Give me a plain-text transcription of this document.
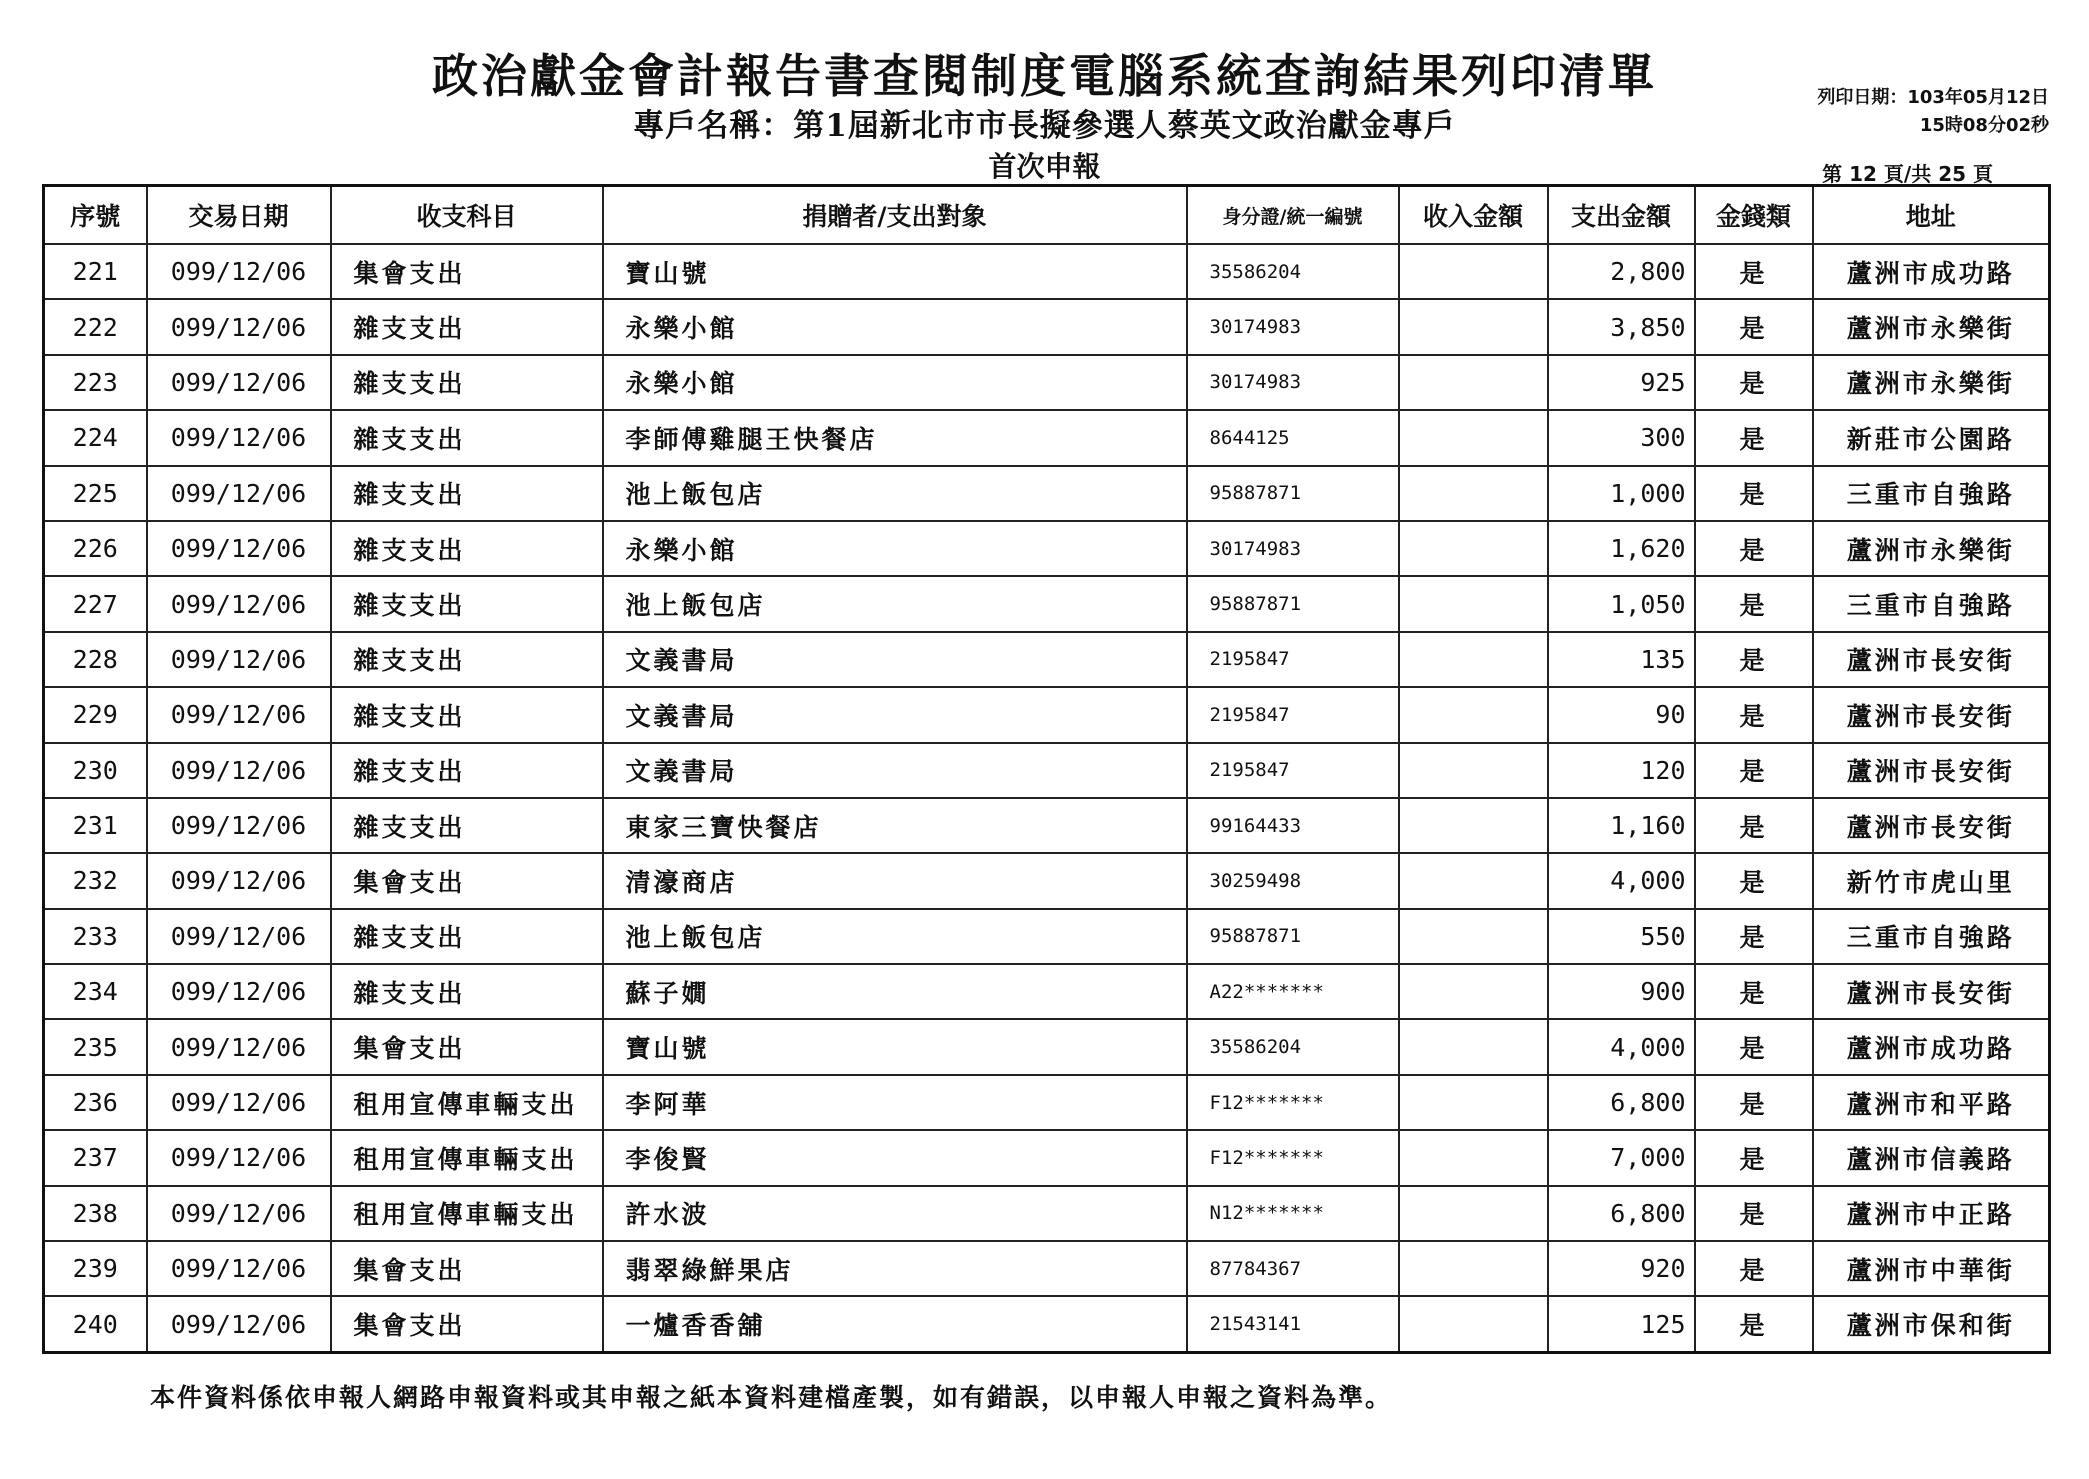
政治獻金會計報告書查閱制度電腦系統查詢結果列印清單
專戶名稱：第1屆新北市市長擬參選人蔡英文政治獻金專戶
首次申報
列印日期：103年05月12日
15時08分02秒
第 12 頁/共 25 頁
序號	交易日期	收支科目	捐贈者/支出對象	身分證/統一編號	收入金額	支出金額	金錢類	地址
221	099/12/06	集會支出	寶山號	35586204		2,800	是	蘆洲市成功路
222	099/12/06	雜支支出	永樂小館	30174983		3,850	是	蘆洲市永樂街
223	099/12/06	雜支支出	永樂小館	30174983		925	是	蘆洲市永樂街
224	099/12/06	雜支支出	李師傅雞腿王快餐店	8644125		300	是	新莊市公園路
225	099/12/06	雜支支出	池上飯包店	95887871		1,000	是	三重市自強路
226	099/12/06	雜支支出	永樂小館	30174983		1,620	是	蘆洲市永樂街
227	099/12/06	雜支支出	池上飯包店	95887871		1,050	是	三重市自強路
228	099/12/06	雜支支出	文義書局	2195847		135	是	蘆洲市長安街
229	099/12/06	雜支支出	文義書局	2195847		90	是	蘆洲市長安街
230	099/12/06	雜支支出	文義書局	2195847		120	是	蘆洲市長安街
231	099/12/06	雜支支出	東家三寶快餐店	99164433		1,160	是	蘆洲市長安街
232	099/12/06	集會支出	清濠商店	30259498		4,000	是	新竹市虎山里
233	099/12/06	雜支支出	池上飯包店	95887871		550	是	三重市自強路
234	099/12/06	雜支支出	蘇子嫺	A22*******		900	是	蘆洲市長安街
235	099/12/06	集會支出	寶山號	35586204		4,000	是	蘆洲市成功路
236	099/12/06	租用宣傳車輛支出	李阿華	F12*******		6,800	是	蘆洲市和平路
237	099/12/06	租用宣傳車輛支出	李俊賢	F12*******		7,000	是	蘆洲市信義路
238	099/12/06	租用宣傳車輛支出	許水波	N12*******		6,800	是	蘆洲市中正路
239	099/12/06	集會支出	翡翠綠鮮果店	87784367		920	是	蘆洲市中華街
240	099/12/06	集會支出	一爐香香舖	21543141		125	是	蘆洲市保和街
本件資料係依申報人網路申報資料或其申報之紙本資料建檔產製，如有錯誤，以申報人申報之資料為準。
